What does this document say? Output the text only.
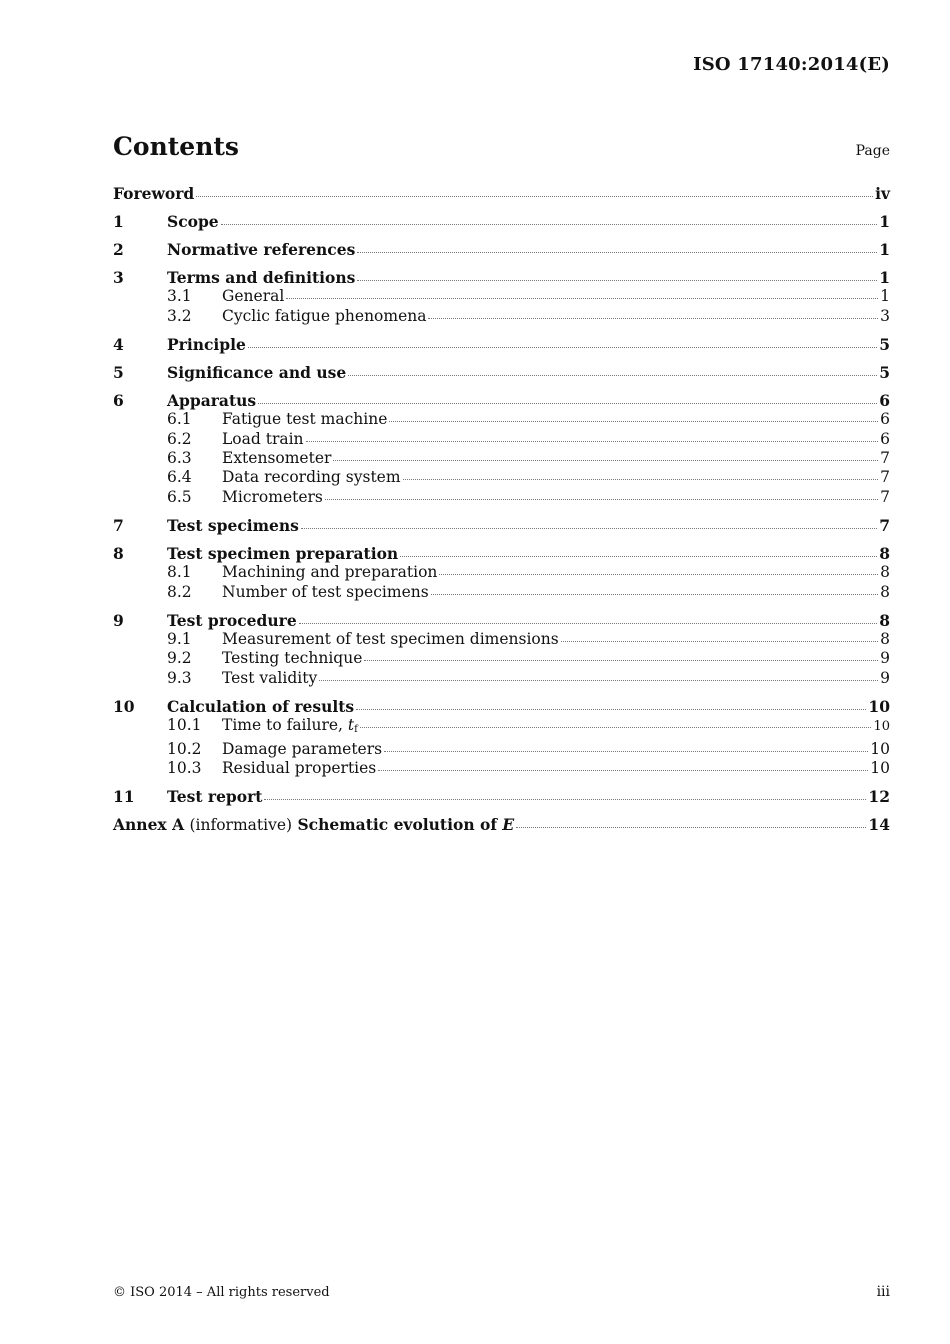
ISO 17140:2014(E)
Contents	Page
Foreword	iv
1	Scope	1
2	Normative references	1
3	Terms and definitions	1
3.1	General	1
3.2	Cyclic fatigue phenomena	3
4	Principle	5
5	Significance and use	5
6	Apparatus	6
6.1	Fatigue test machine	6
6.2	Load train	6
6.3	Extensometer	7
6.4	Data recording system	7
6.5	Micrometers	7
7	Test specimens	7
8	Test specimen preparation	8
8.1	Machining and preparation	8
8.2	Number of test specimens	8
9	Test procedure	8
9.1	Measurement of test specimen dimensions	8
9.2	Testing technique	9
9.3	Test validity	9
10	Calculation of results	10
10.1	Time to failure, tf	10
10.2	Damage parameters	10
10.3	Residual properties	10
11	Test report	12
Annex A (informative) Schematic evolution of E	14
© ISO 2014 – All rights reserved	iii
